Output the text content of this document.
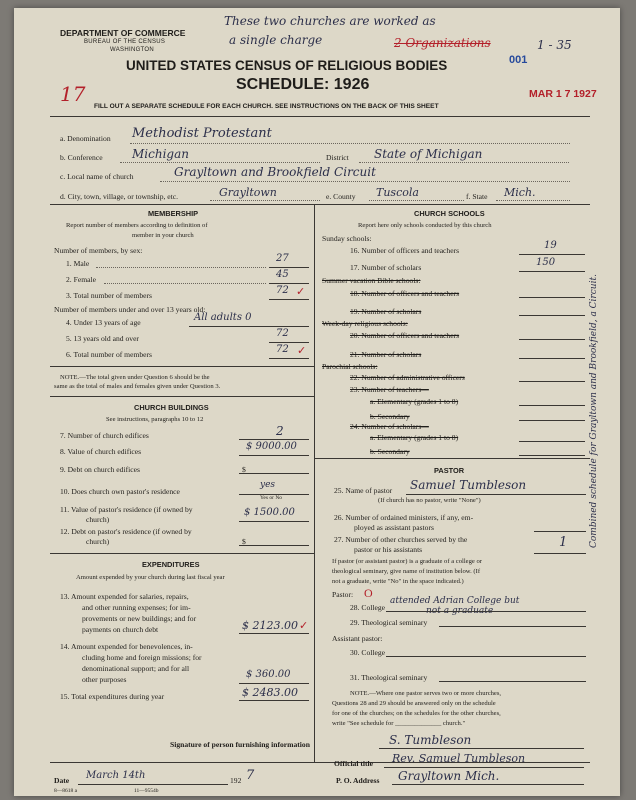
DEPARTMENT OF COMMERCE
BUREAU OF THE CENSUS
WASHINGTON
These two churches are worked as
a single charge	2 Organizations	1 - 35
001
UNITED STATES CENSUS OF RELIGIOUS BODIES
SCHEDULE: 1926
17	MAR 1 7 1927
FILL OUT A SEPARATE SCHEDULE FOR EACH CHURCH. SEE INSTRUCTIONS ON THE BACK OF THIS SHEET
a. Denomination Methodist Protestant
b. Conference Michigan	District State of Michigan
c. Local name of church	Grayltown and Brookfield Circuit
d. City, town, village, or township, etc.	Grayltown	e. County Tuscola	f. State Mich.
Combined schedule for Grayltown and Brookfield, a Circuit.
MEMBERSHIP
Report number of members according to definition of
member in your church
Number of members, by sex:
1. Male	27
2. Female	45
3. Total number of members	72 ✓
Number of members under and over 13 years old:
4. Under 13 years of age	All adults 0
5. 13 years old and over	72
6. Total number of members	72 ✓
NOTE.—The total given under Question 6 should be the
same as the total of males and females given under Question 3.
CHURCH BUILDINGS
See instructions, paragraphs 10 to 12
7. Number of church edifices	2
8. Value of church edifices	$ 9000.00
9. Debt on church edifices	$
10. Does church own pastor's residence
yes
Yes or No
11. Value of pastor's residence (if owned by
church)
$ 1500.00
12. Debt on pastor's residence (if owned by
church)	$
EXPENDITURES
Amount expended by your church during last fiscal year
13. Amount expended for salaries, repairs,
and other running expenses; for im-
provements or new buildings; and for
payments on church debt	$ 2123.00 ✓
14. Amount expended for benevolences, in-
cluding home and foreign missions; for
denominational support; and for all
other purposes	$ 360.00
15. Total expenditures during year	$ 2483.00
CHURCH SCHOOLS
Report here only schools conducted by this church
Sunday schools:
16. Number of officers and teachers	19
17. Number of scholars	150
Summer vacation Bible schools:
18. Number of officers and teachers
19. Number of scholars
Week-day religious schools:
20. Number of officers and teachers
21. Number of scholars
Parochial schools:
22. Number of administrative officers
23. Number of teachers—
a. Elementary (grades 1 to 8)
b. Secondary
24. Number of scholars—
a. Elementary (grades 1 to 8)
b. Secondary
PASTOR
25. Name of pastor Samuel Tumbleson
(If church has no pastor, write "None")
26. Number of ordained ministers, if any, em-
ployed as assistant pastors
27. Number of other churches served by the
pastor or his assistants	1
If pastor (or assistant pastor) is a graduate of a college or
theological seminary, give name of institution below. (If
not a graduate, write "No" in the space indicated.)
Pastor: O
28. College
attended Adrian College but
not a graduate
29. Theological seminary
Assistant pastor:
30. College
31. Theological seminary
NOTE.—Where one pastor serves two or more churches,
Questions 28 and 29 should be answered only on the schedule
for one of the churches; on the schedules for the other churches,
write "See schedule for ______________ church."
Signature of person furnishing information	S. Tumbleson
Official title Rev. Samuel Tumbleson
Date March 14th	192 7	P. O. Address Grayltown Mich.
8—8618 a	11—9554b
